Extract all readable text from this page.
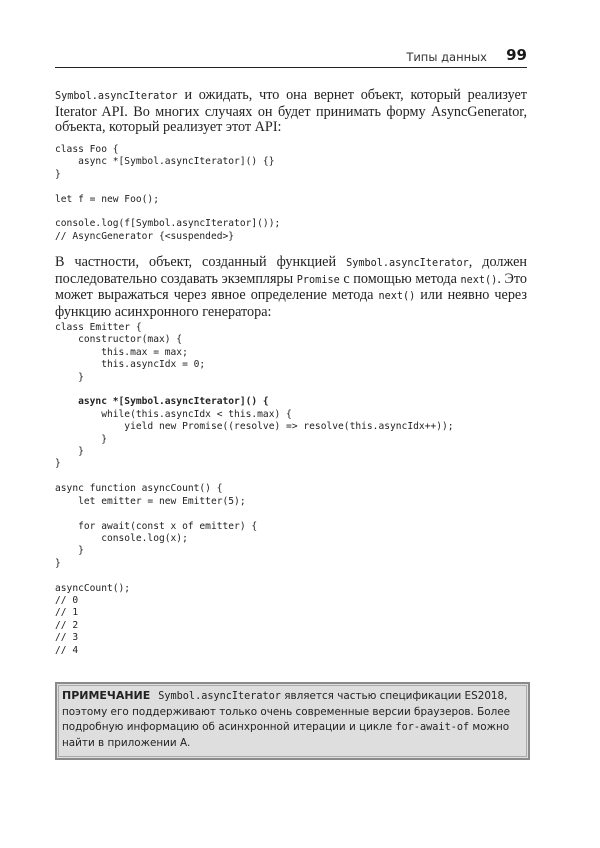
Типы данных 99
Symbol.asyncIterator и ожидать, что она вернет объект, который реализует Iterator API. Во многих случаях он будет принимать форму AsyncGenerator, объекта, который реализует этот API:
class Foo {
async *[Symbol.asyncIterator]() {}
}
let f = new Foo();
console.log(f[Symbol.asyncIterator]());
// AsyncGenerator {<suspended>}
В частности, объект, созданный функцией Symbol.asyncIterator, должен последовательно создавать экземпляры Promise с помощью метода next(). Это может выражаться через явное определение метода next() или неявно через функцию асинхронного генератора:
class Emitter {
constructor(max) {
this.max = max;
this.asyncIdx = 0;
}
async *[Symbol.asyncIterator]() {
while(this.asyncIdx < this.max) {
yield new Promise((resolve) => resolve(this.asyncIdx++));
}
}
}
async function asyncCount() {
let emitter = new Emitter(5);
for await(const x of emitter) {
console.log(x);
}
}
asyncCount();
// 0
// 1
// 2
// 3
// 4
ПРИМЕЧАНИЕ Symbol.asyncIterator является частью спецификации ES2018, поэтому его поддерживают только очень современные версии браузеров. Более подробную информацию об асинхронной итерации и цикле for-await-of можно найти в приложении А.
